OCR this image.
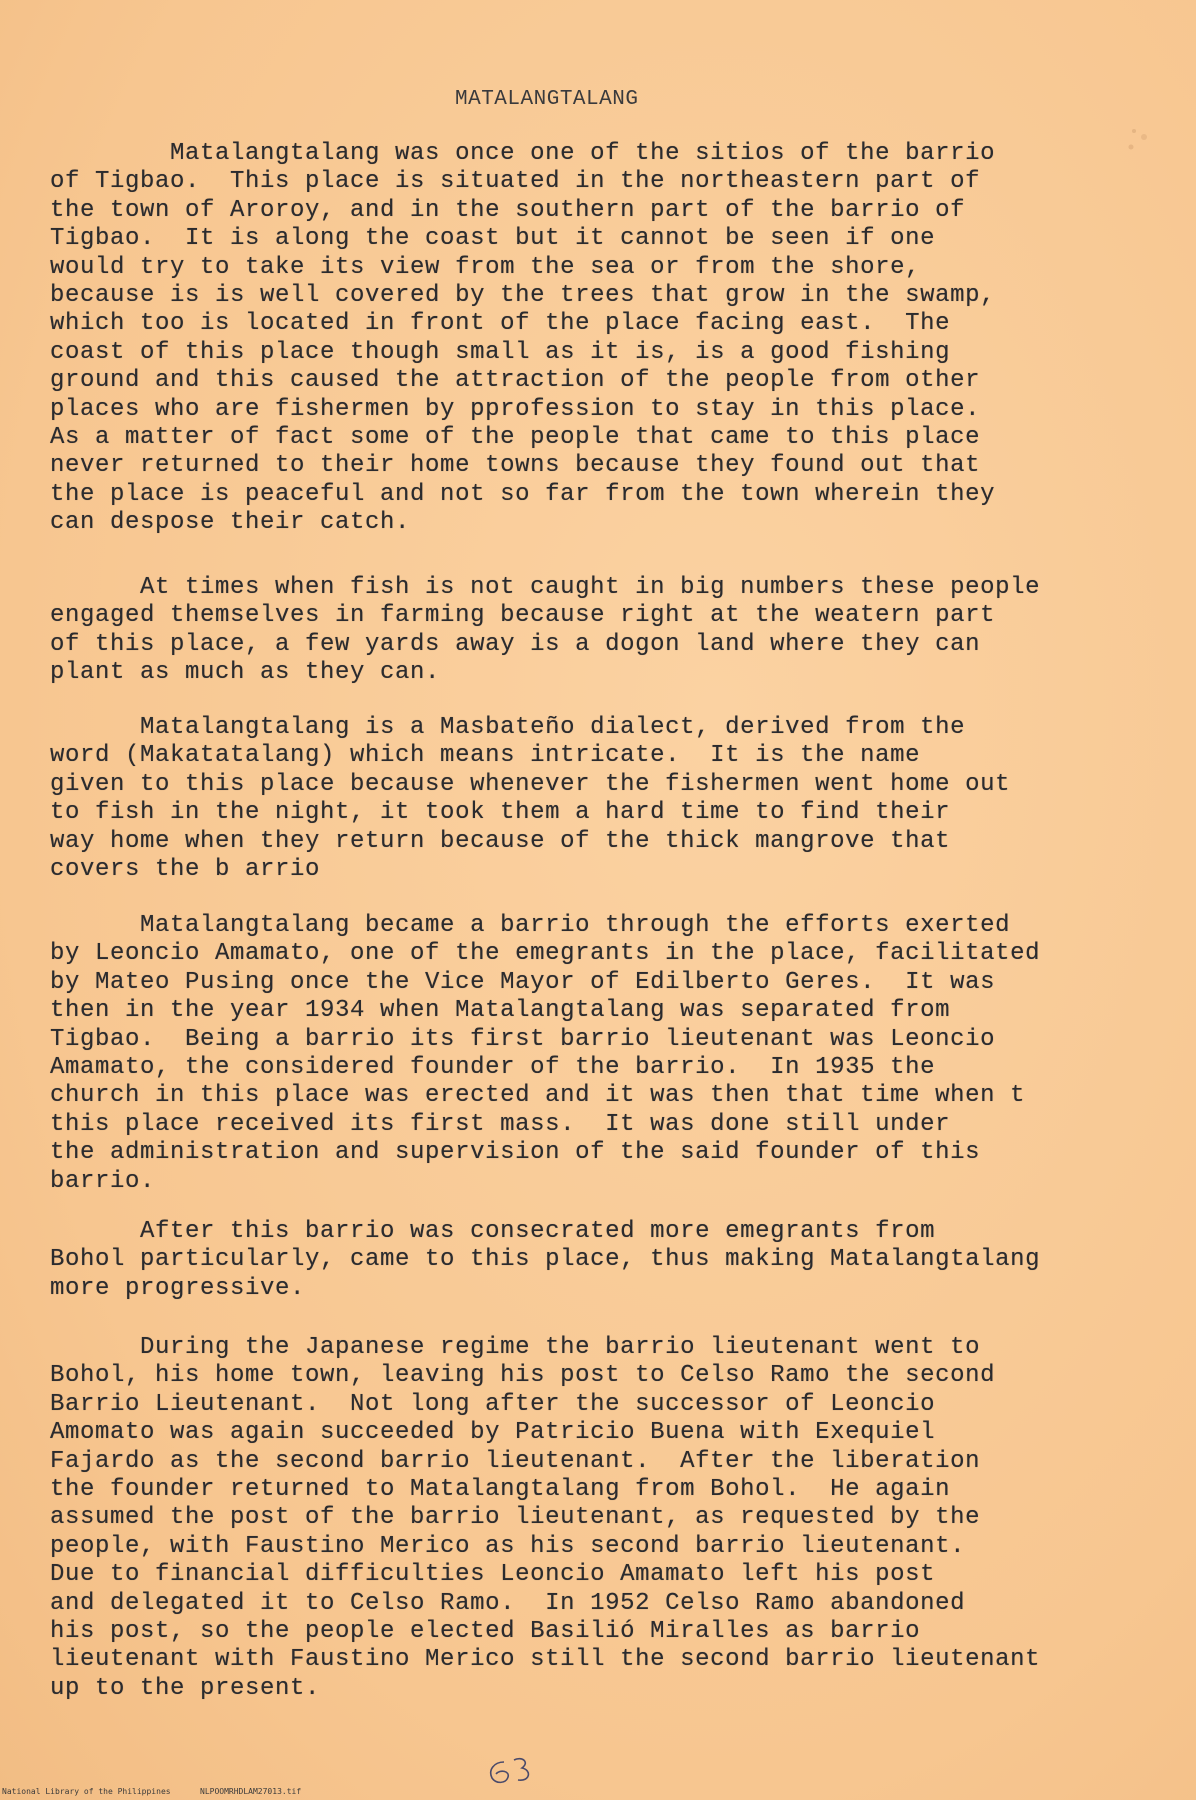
MATALANGTALANG

Matalangtalang was once one of the sitios of the barrio
of Tigbao.  This place is situated in the northeastern part of
the town of Aroroy, and in the southern part of the barrio of
Tigbao.  It is along the coast but it cannot be seen if one
would try to take its view from the sea or from the shore,
because is is well covered by the trees that grow in the swamp,
which too is located in front of the place facing east.  The
coast of this place though small as it is, is a good fishing
ground and this caused the attraction of the people from other
places who are fishermen by pprofession to stay in this place.
As a matter of fact some of the people that came to this place
never returned to their home towns because they found out that
the place is peaceful and not so far from the town wherein they
can despose their catch.

At times when fish is not caught in big numbers these people
engaged themselves in farming because right at the weatern part
of this place, a few yards away is a dogon land where they can
plant as much as they can.

Matalangtalang is a Masbateño dialect, derived from the
word (Makatatalang) which means intricate.  It is the name
given to this place because whenever the fishermen went home out
to fish in the night, it took them a hard time to find their
way home when they return because of the thick mangrove that
covers the b arrio

Matalangtalang became a barrio through the efforts exerted
by Leoncio Amamato, one of the emegrants in the place, facilitated
by Mateo Pusing once the Vice Mayor of Edilberto Geres.  It was
then in the year 1934 when Matalangtalang was separated from
Tigbao.  Being a barrio its first barrio lieutenant was Leoncio
Amamato, the considered founder of the barrio.  In 1935 the
church in this place was erected and it was then that time when t
this place received its first mass.  It was done still under
the administration and supervision of the said founder of this
barrio.

After this barrio was consecrated more emegrants from
Bohol particularly, came to this place, thus making Matalangtalang
more progressive.

During the Japanese regime the barrio lieutenant went to
Bohol, his home town, leaving his post to Celso Ramo the second
Barrio Lieutenant.  Not long after the successor of Leoncio
Amomato was again succeeded by Patricio Buena with Exequiel
Fajardo as the second barrio lieutenant.  After the liberation
the founder returned to Matalangtalang from Bohol.  He again
assumed the post of the barrio lieutenant, as requested by the
people, with Faustino Merico as his second barrio lieutenant.
Due to financial difficulties Leoncio Amamato left his post
and delegated it to Celso Ramo.  In 1952 Celso Ramo abandoned
his post, so the people elected Basilió Miralles as barrio
lieutenant with Faustino Merico still the second barrio lieutenant
up to the present.

National Library of the Philippines	NLPOOMRHDLAM27013.tif
